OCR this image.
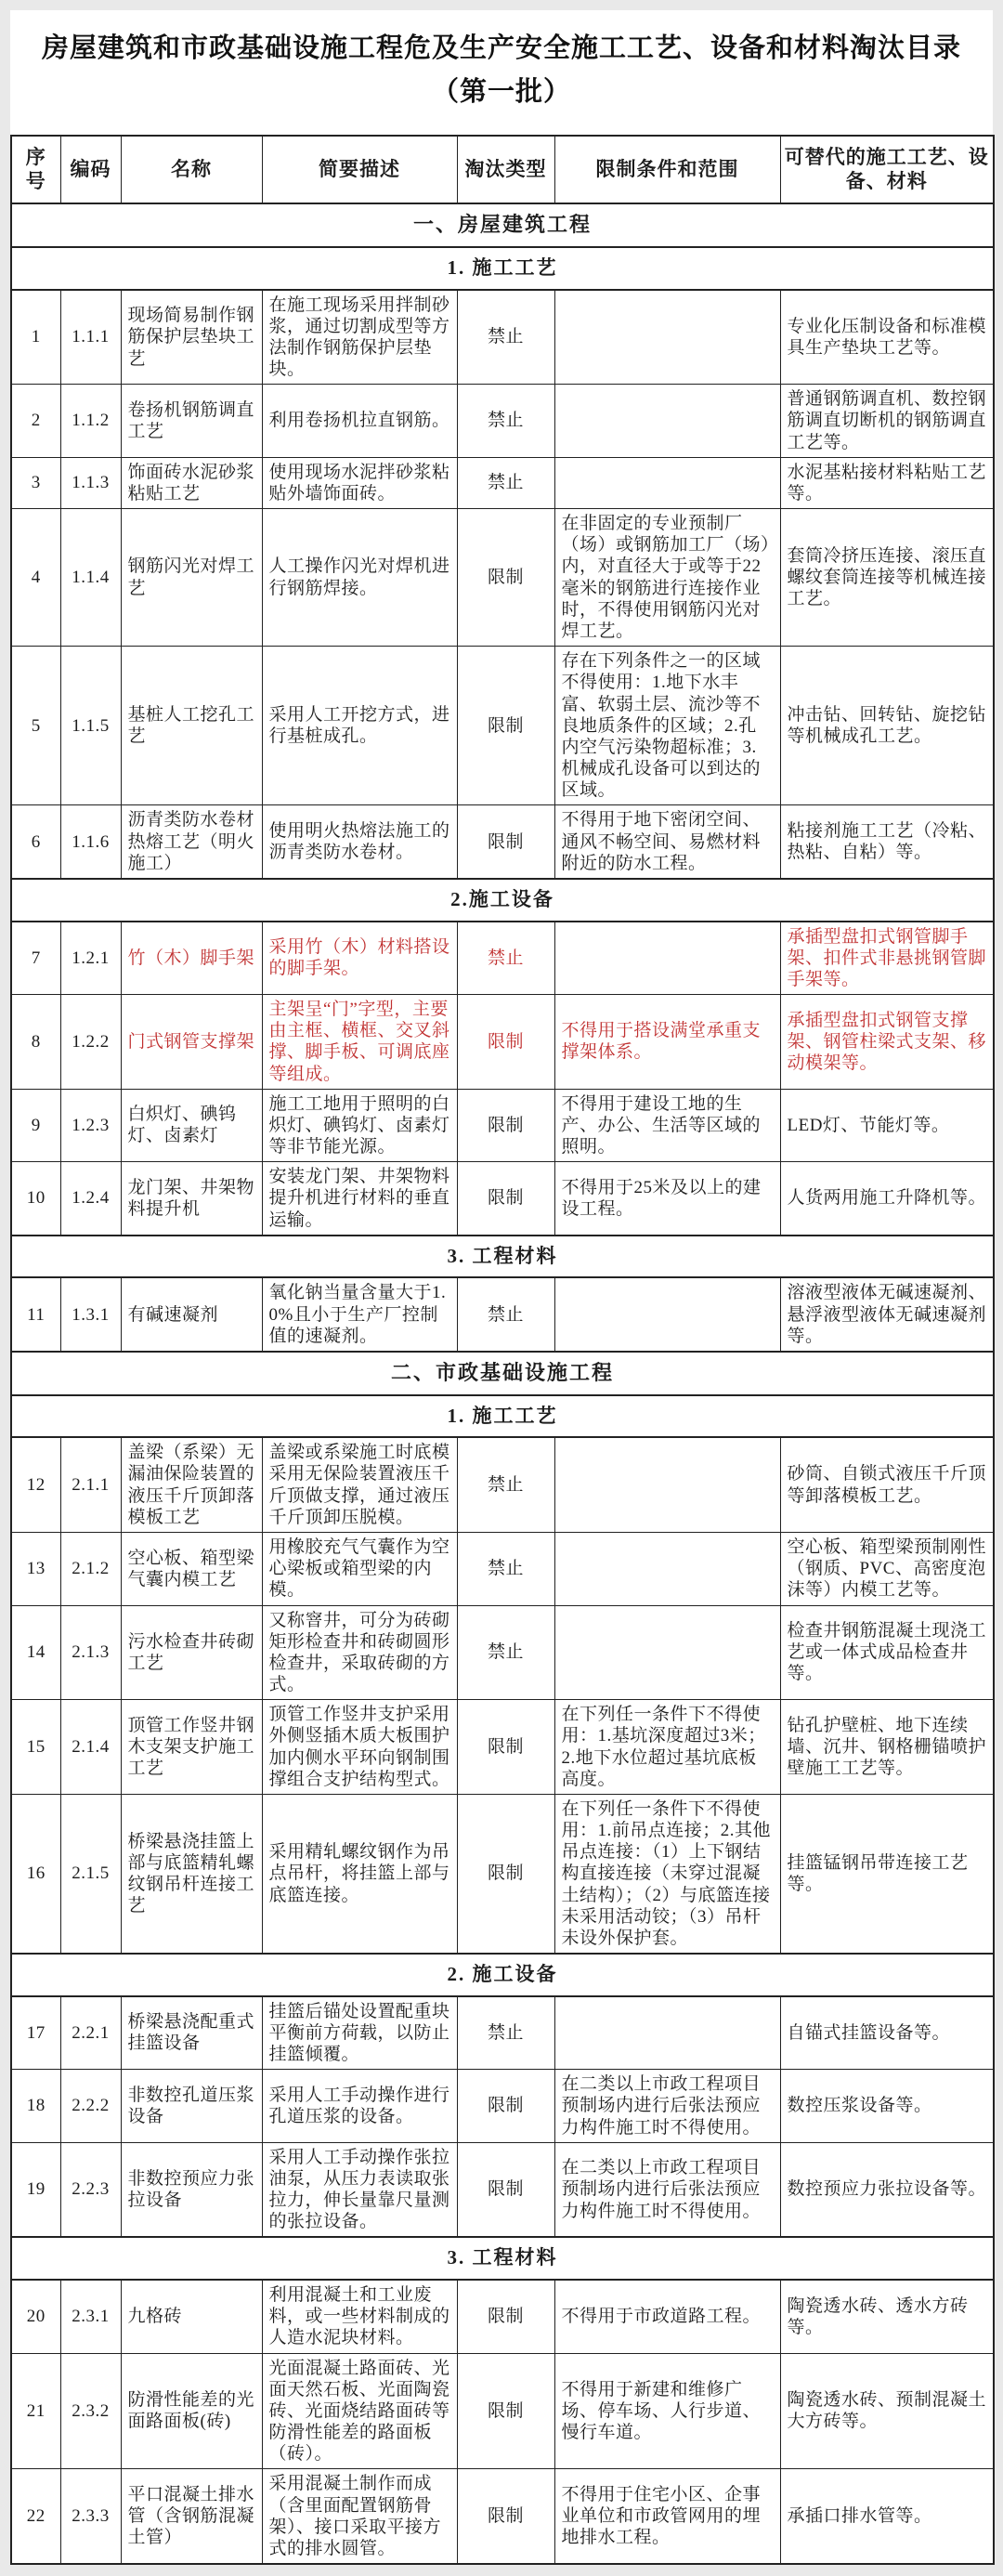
房屋建筑和市政基础设施工程危及生产安全施工工艺、设备和材料淘汰目录（第一批）
序号	编码	名称	简要描述	淘汰类型	限制条件和范围	可替代的施工工艺、设备、材料
一、房屋建筑工程						
1. 施工工艺						
1	1.1.1	现场简易制作钢筋保护层垫块工艺	在施工现场采用拌制砂浆，通过切割成型等方法制作钢筋保护层垫块。	禁止		专业化压制设备和标准模具生产垫块工艺等。
2	1.1.2	卷扬机钢筋调直工艺	利用卷扬机拉直钢筋。	禁止		普通钢筋调直机、数控钢筋调直切断机的钢筋调直工艺等。
3	1.1.3	饰面砖水泥砂浆粘贴工艺	使用现场水泥拌砂浆粘贴外墙饰面砖。	禁止		水泥基粘接材料粘贴工艺等。
4	1.1.4	钢筋闪光对焊工艺	人工操作闪光对焊机进行钢筋焊接。	限制	在非固定的专业预制厂（场）或钢筋加工厂（场）内，对直径大于或等于22毫米的钢筋进行连接作业时，不得使用钢筋闪光对焊工艺。	套筒冷挤压连接、滚压直螺纹套筒连接等机械连接工艺。
5	1.1.5	基桩人工挖孔工艺	采用人工开挖方式，进行基桩成孔。	限制	存在下列条件之一的区域不得使用：1.地下水丰富、软弱土层、流沙等不良地质条件的区域；2.孔内空气污染物超标准；3.机械成孔设备可以到达的区域。	冲击钻、回转钻、旋挖钻等机械成孔工艺。
6	1.1.6	沥青类防水卷材热熔工艺（明火施工）	使用明火热熔法施工的沥青类防水卷材。	限制	不得用于地下密闭空间、通风不畅空间、易燃材料附近的防水工程。	粘接剂施工工艺（冷粘、热粘、自粘）等。
2.施工设备						
7	1.2.1	竹（木）脚手架	采用竹（木）材料搭设的脚手架。	禁止		承插型盘扣式钢管脚手架、扣件式非悬挑钢管脚手架等。
8	1.2.2	门式钢管支撑架	主架呈“门”字型，主要由主框、横框、交叉斜撑、脚手板、可调底座等组成。	限制	不得用于搭设满堂承重支撑架体系。	承插型盘扣式钢管支撑架、钢管柱梁式支架、移动模架等。
9	1.2.3	白炽灯、碘钨灯、卤素灯	施工工地用于照明的白炽灯、碘钨灯、卤素灯等非节能光源。	限制	不得用于建设工地的生产、办公、生活等区域的照明。	LED灯、节能灯等。
10	1.2.4	龙门架、井架物料提升机	安装龙门架、井架物料提升机进行材料的垂直运输。	限制	不得用于25米及以上的建设工程。	人货两用施工升降机等。
3. 工程材料						
11	1.3.1	有碱速凝剂	氧化钠当量含量大于1.0%且小于生产厂控制值的速凝剂。	禁止		溶液型液体无碱速凝剂、悬浮液型液体无碱速凝剂等。
二、市政基础设施工程						
1. 施工工艺						
12	2.1.1	盖梁（系梁）无漏油保险装置的液压千斤顶卸落模板工艺	盖梁或系梁施工时底模采用无保险装置液压千斤顶做支撑，通过液压千斤顶卸压脱模。	禁止		砂筒、自锁式液压千斤顶等卸落模板工艺。
13	2.1.2	空心板、箱型梁气囊内模工艺	用橡胶充气气囊作为空心梁板或箱型梁的内模。	禁止		空心板、箱型梁预制刚性（钢质、PVC、高密度泡沫等）内模工艺等。
14	2.1.3	污水检查井砖砌工艺	又称窨井，可分为砖砌矩形检查井和砖砌圆形检查井，采取砖砌的方式。	禁止		检查井钢筋混凝土现浇工艺或一体式成品检查井等。
15	2.1.4	顶管工作竖井钢木支架支护施工工艺	顶管工作竖井支护采用外侧竖插木质大板围护加内侧水平环向钢制围撑组合支护结构型式。	限制	在下列任一条件下不得使用：1.基坑深度超过3米；2.地下水位超过基坑底板高度。	钻孔护壁桩、地下连续墙、沉井、钢格栅锚喷护壁施工工艺等。
16	2.1.5	桥梁悬浇挂篮上部与底篮精轧螺纹钢吊杆连接工艺	采用精轧螺纹钢作为吊点吊杆，将挂篮上部与底篮连接。	限制	在下列任一条件下不得使用：1.前吊点连接；2.其他吊点连接：（1）上下钢结构直接连接（未穿过混凝土结构）；（2）与底篮连接未采用活动铰；（3）吊杆未设外保护套。	挂篮锰钢吊带连接工艺等。
2. 施工设备						
17	2.2.1	桥梁悬浇配重式挂篮设备	挂篮后锚处设置配重块平衡前方荷载，以防止挂篮倾覆。	禁止		自锚式挂篮设备等。
18	2.2.2	非数控孔道压浆设备	采用人工手动操作进行孔道压浆的设备。	限制	在二类以上市政工程项目预制场内进行后张法预应力构件施工时不得使用。	数控压浆设备等。
19	2.2.3	非数控预应力张拉设备	采用人工手动操作张拉油泵，从压力表读取张拉力，伸长量靠尺量测的张拉设备。	限制	在二类以上市政工程项目预制场内进行后张法预应力构件施工时不得使用。	数控预应力张拉设备等。
3. 工程材料						
20	2.3.1	九格砖	利用混凝土和工业废料，或一些材料制成的人造水泥块材料。	限制	不得用于市政道路工程。	陶瓷透水砖、透水方砖等。
21	2.3.2	防滑性能差的光面路面板(砖)	光面混凝土路面砖、光面天然石板、光面陶瓷砖、光面烧结路面砖等防滑性能差的路面板（砖）。	限制	不得用于新建和维修广场、停车场、人行步道、慢行车道。	陶瓷透水砖、预制混凝土大方砖等。
22	2.3.3	平口混凝土排水管（含钢筋混凝土管）	采用混凝土制作而成（含里面配置钢筋骨架）、接口采取平接方式的排水圆管。	限制	不得用于住宅小区、企事业单位和市政管网用的埋地排水工程。	承插口排水管等。
